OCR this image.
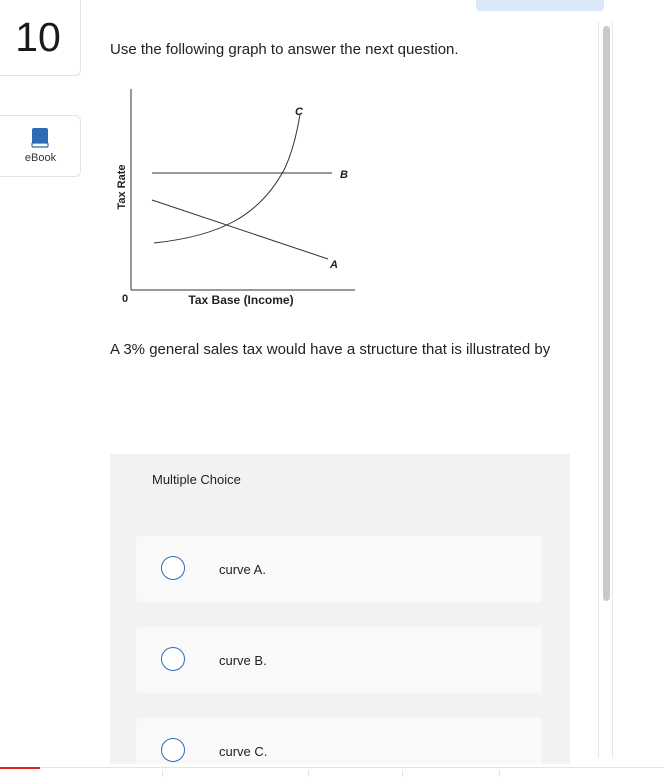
10
eBook
Use the following graph to answer the next question.
Tax Rate
0	Tax Base (Income)
C
B
A
A 3% general sales tax would have a structure that is illustrated by
Multiple Choice
curve A.
curve B.
curve C.
